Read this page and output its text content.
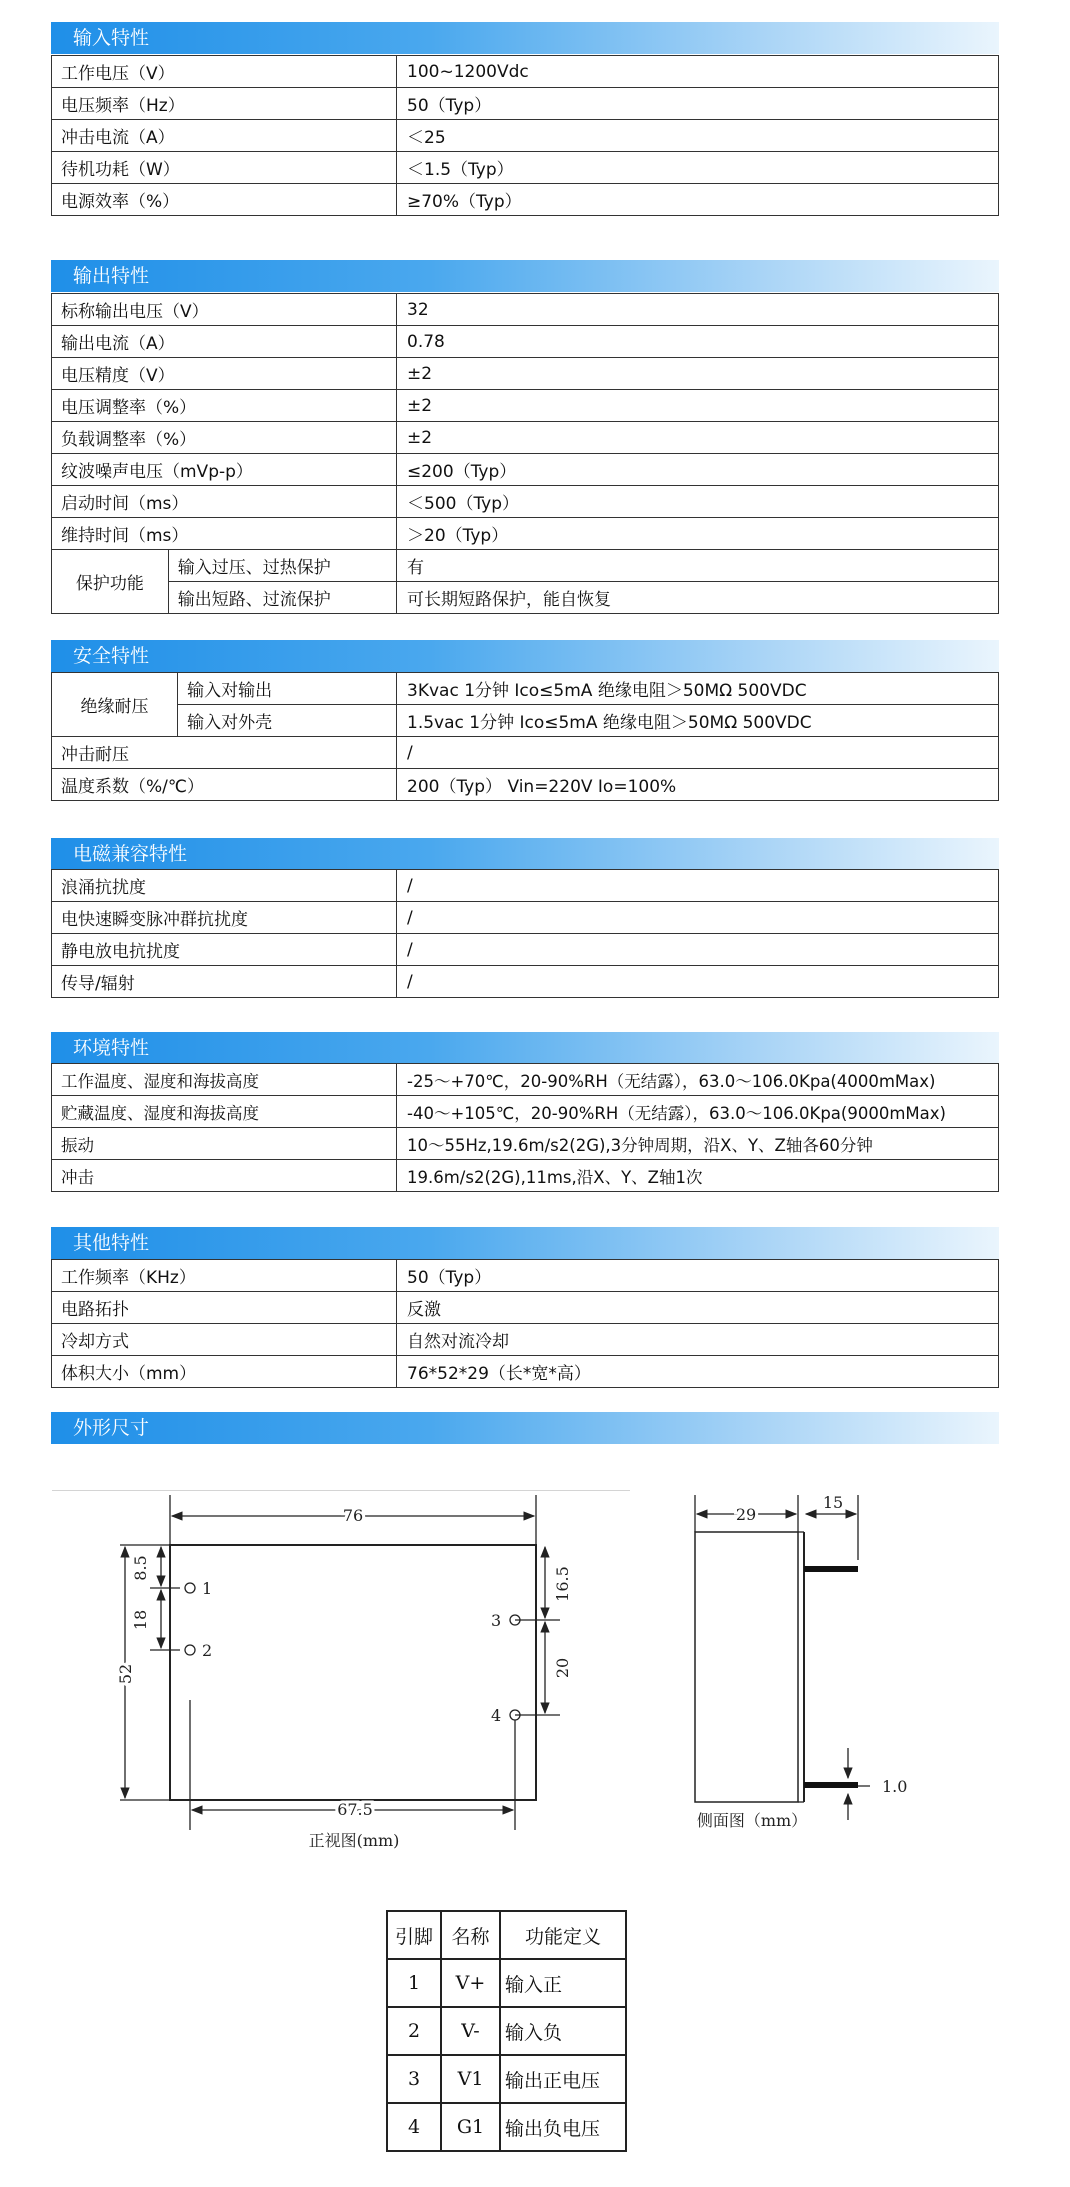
输入特性
工作电压（V）	100~1200Vdc
电压频率（Hz）	50（Typ）
冲击电流（A）	＜25
待机功耗（W）	＜1.5（Typ）
电源效率（%）	≥70%（Typ）
输出特性
标称输出电压（V）		32
输出电流（A）		0.78
电压精度（V）		±2
电压调整率（%）		±2
负载调整率（%）		±2
纹波噪声电压（mVp-p）		≤200（Typ）
启动时间（ms）		＜500（Typ）
维持时间（ms）		＞20（Typ）
保护功能	输入过压、过热保护	有
	输出短路、过流保护	可长期短路保护，能自恢复
安全特性
绝缘耐压	输入对输出	3Kvac 1分钟 Ico≤5mA 绝缘电阻＞50MΩ 500VDC
	输入对外壳	1.5vac 1分钟 Ico≤5mA 绝缘电阻＞50MΩ 500VDC
冲击耐压		/
温度系数（%/℃）		200（Typ） Vin=220V Io=100%
电磁兼容特性
浪涌抗扰度	/
电快速瞬变脉冲群抗扰度	/
静电放电抗扰度	/
传导/辐射	/
环境特性
工作温度、湿度和海拔高度	-25～+70℃，20-90%RH（无结露），63.0～106.0Kpa(4000mMax)
贮藏温度、湿度和海拔高度	-40～+105℃，20-90%RH（无结露），63.0～106.0Kpa(9000mMax)
振动	10～55Hz,19.6m/s2(2G),3分钟周期，沿X、Y、Z轴各60分钟
冲击	19.6m/s2(2G),11ms,沿X、Y、Z轴1次
其他特性
工作频率（KHz）	50（Typ）
电路拓扑	反激
冷却方式	自然对流冷却
体积大小（mm）	76*52*29（长*宽*高）
外形尺寸
76
67.5
52
8.5
18
16.5
20
1
2
3
4
正视图(mm)
29
15
1.0
侧面图（mm）
引脚	名称	功能定义
1	V+	输入正
2	V-	输入负
3	V1	输出正电压
4	G1	输出负电压
